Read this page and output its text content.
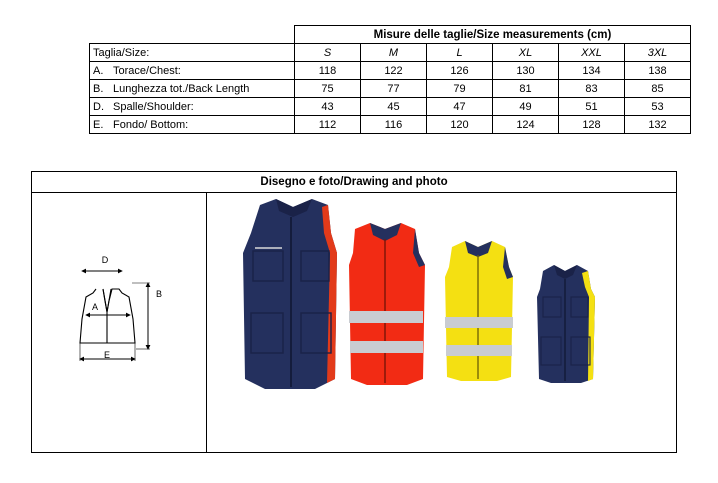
	Misure delle taglie/Size measurements (cm)					
Taglia/Size:	S	M	L	XL	XXL	3XL
A. Torace/Chest:	118	122	126	130	134	138
B. Lunghezza tot./Back Length	75	77	79	81	83	85
D. Spalle/Shoulder:	43	45	47	49	51	53
E. Fondo/ Bottom:	112	116	120	124	128	132
Disegno e foto/Drawing and photo
D
A
B
E
